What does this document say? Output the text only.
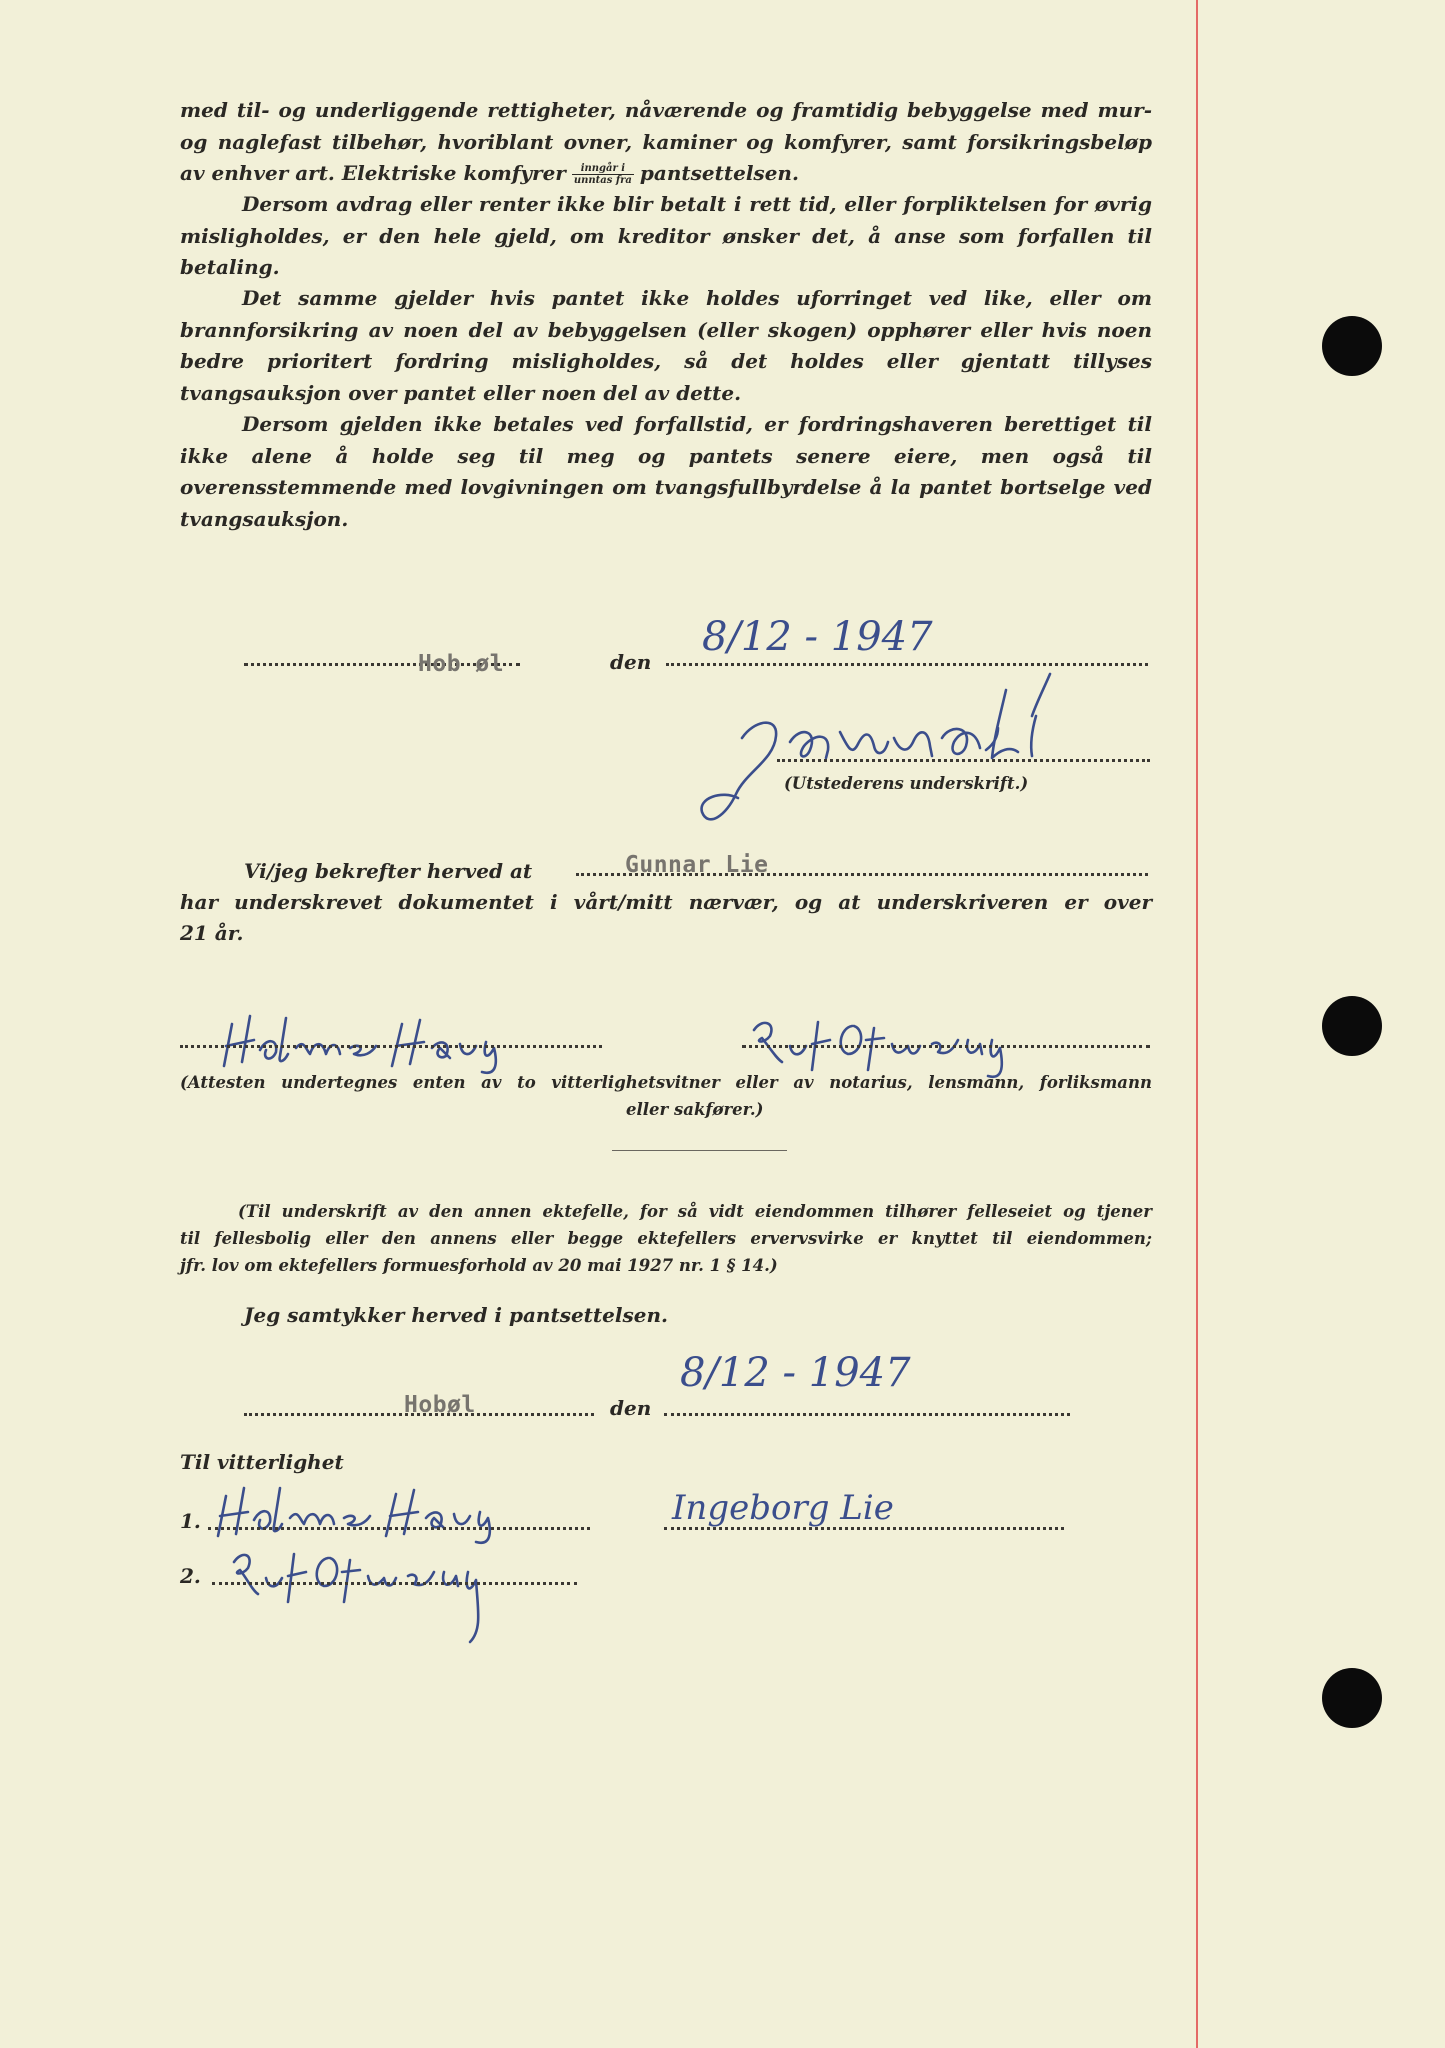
med til- og underliggende rettigheter, nåværende og framtidig bebyggelse med mur- og naglefast tilbehør, hvoriblant ovner, kaminer og komfyrer, samt forsikringsbeløp av enhver art. Elektriske komfyrer $\frac{\text{inngår i}}{\text{unntas fra}}$ pantsettelsen.

Dersom avdrag eller renter ikke blir betalt i rett tid, eller forpliktelsen for øvrig misligholdes, er den hele gjeld, om kreditor ønsker det, å anse som forfallen til betaling.

Det samme gjelder hvis pantet ikke holdes uforringet ved like, eller om brannforsikring av noen del av bebyggelsen (eller skogen) opphører eller hvis noen bedre prioritert fordring misligholdes, så det holdes eller gjentatt tillyses tvangsauksjon over pantet eller noen del av dette.

Dersom gjelden ikke betales ved forfallstid, er fordringshaveren berettiget til ikke alene å holde seg til meg og pantets senere eiere, men også til overensstemmende med lovgivningen om tvangsfullbyrdelse å la pantet bortselge ved tvangsauksjon.

Hob øl	den
8/12 - 1947
(Utstederens underskrift.)
Vi/jeg bekrefter herved at	Gunnar Lie
har underskrevet dokumentet i vårt/mitt nærvær, og at underskriveren er over
21 år.
(Attesten undertegnes enten av to vitterlighetsvitner eller av notarius, lensmann, forliksmann
eller sakfører.)
(Til underskrift av den annen ektefelle, for så vidt eiendommen tilhører felleseiet og tjener
til fellesbolig eller den annens eller begge ektefellers ervervsvirke er knyttet til eiendommen;
jfr. lov om ektefellers formuesforhold av 20 mai 1927 nr. 1 § 14.)
Jeg samtykker herved i pantsettelsen.
Hobøl	den
8/12 - 1947
Til vitterlighet
1.	Ingeborg Lie
2.
